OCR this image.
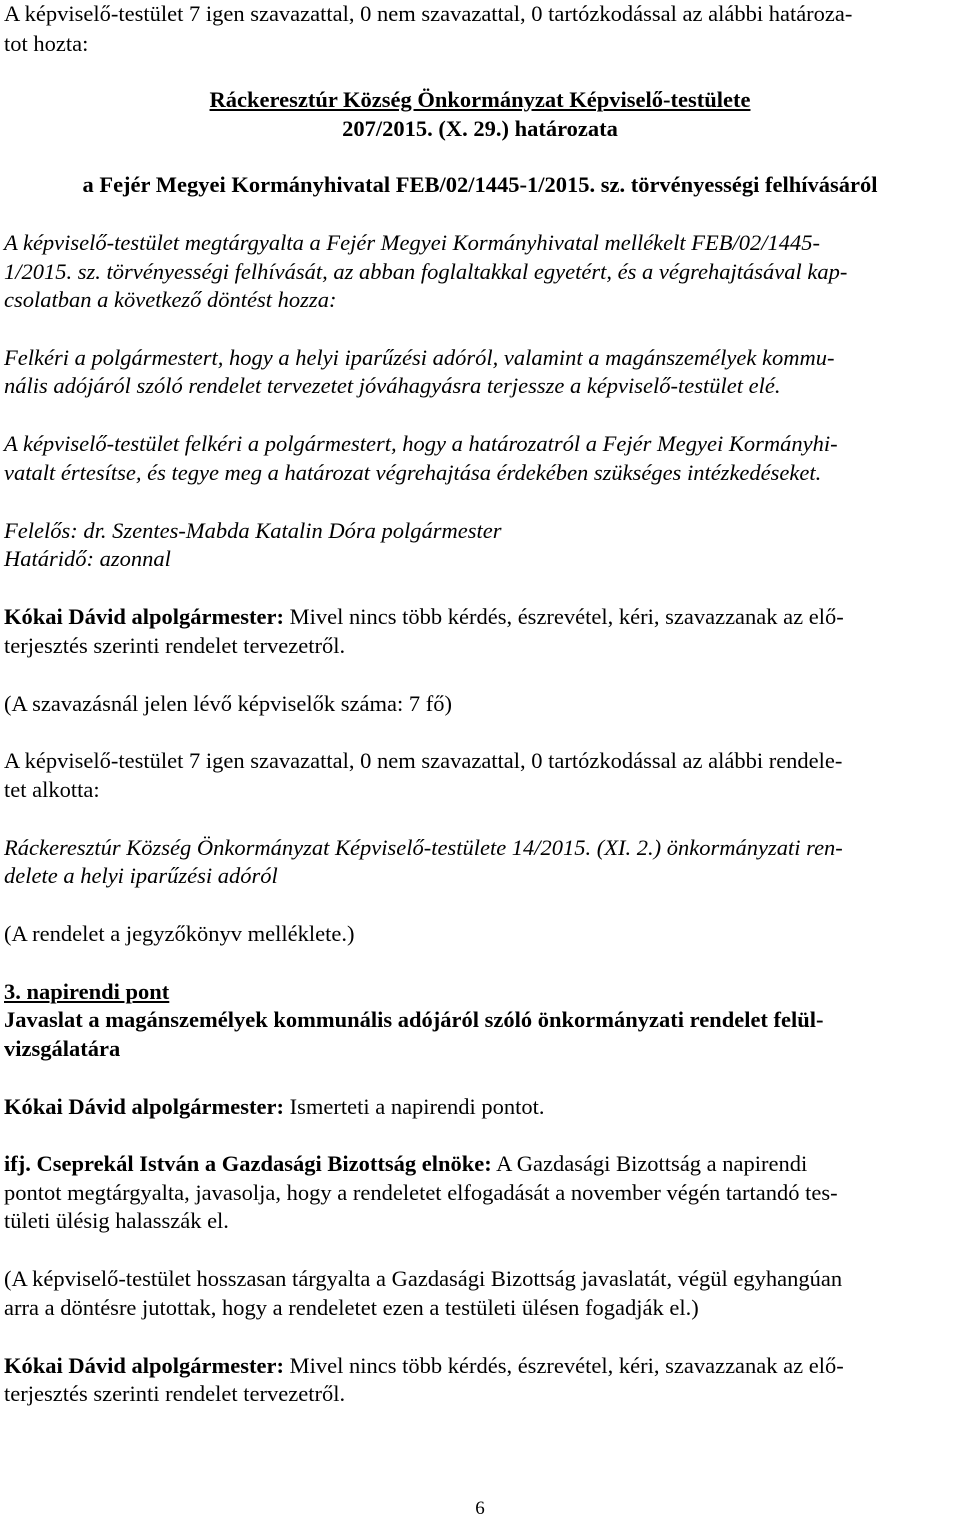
A képviselő-testület 7 igen szavazattal, 0 nem szavazattal, 0 tartózkodással az alábbi határoza-
tot hozta:
Ráckeresztúr Község Önkormányzat Képviselő-testülete
207/2015. (X. 29.) határozata
a Fejér Megyei Kormányhivatal FEB/02/1445-1/2015. sz. törvényességi felhívásáról
A képviselő-testület megtárgyalta a Fejér Megyei Kormányhivatal mellékelt FEB/02/1445-
1/2015. sz. törvényességi felhívását, az abban foglaltakkal egyetért, és a végrehajtásával kap-
csolatban a következő döntést hozza:
Felkéri a polgármestert, hogy a helyi iparűzési adóról, valamint a magánszemélyek kommu-
nális adójáról szóló rendelet tervezetet jóváhagyásra terjessze a képviselő-testület elé.
A képviselő-testület felkéri a polgármestert, hogy a határozatról a Fejér Megyei Kormányhi-
vatalt értesítse, és tegye meg a határozat végrehajtása érdekében szükséges intézkedéseket.
Felelős: dr. Szentes-Mabda Katalin Dóra polgármester
Határidő: azonnal
Kókai Dávid alpolgármester: Mivel nincs több kérdés, észrevétel, kéri, szavazzanak az elő-
terjesztés szerinti rendelet tervezetről.
(A szavazásnál jelen lévő képviselők száma: 7 fő)
A képviselő-testület 7 igen szavazattal, 0 nem szavazattal, 0 tartózkodással az alábbi rendele-
tet alkotta:
Ráckeresztúr Község Önkormányzat Képviselő-testülete 14/2015. (XI. 2.) önkormányzati ren-
delete a helyi iparűzési adóról
(A rendelet a jegyzőkönyv melléklete.)
3. napirendi pont
Javaslat a magánszemélyek kommunális adójáról szóló önkormányzati rendelet felül-
vizsgálatára
Kókai Dávid alpolgármester: Ismerteti a napirendi pontot.
ifj. Cseprekál István a Gazdasági Bizottság elnöke: A Gazdasági Bizottság a napirendi
pontot megtárgyalta, javasolja, hogy a rendeletet elfogadását a november végén tartandó tes-
tületi ülésig halasszák el.
(A képviselő-testület hosszasan tárgyalta a Gazdasági Bizottság javaslatát, végül egyhangúan
arra a döntésre jutottak, hogy a rendeletet ezen a testületi ülésen fogadják el.)
Kókai Dávid alpolgármester: Mivel nincs több kérdés, észrevétel, kéri, szavazzanak az elő-
terjesztés szerinti rendelet tervezetről.
6
